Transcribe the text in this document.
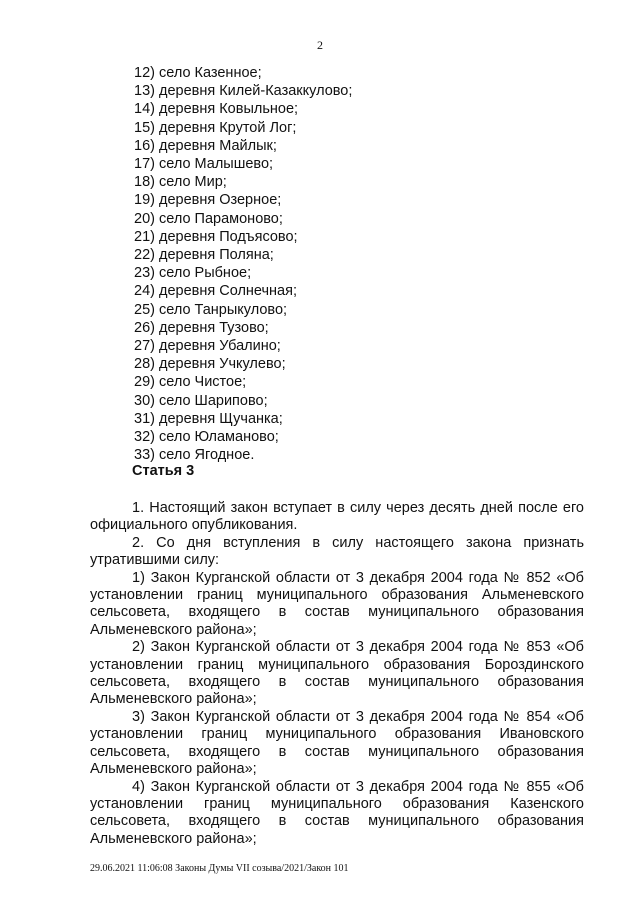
2
12) село Казенное;
13) деревня Килей-Казаккулово;
14) деревня Ковыльное;
15) деревня Крутой Лог;
16) деревня Майлык;
17) село Малышево;
18) село Мир;
19) деревня Озерное;
20) село Парамоново;
21) деревня Подъясово;
22) деревня Поляна;
23) село Рыбное;
24) деревня Солнечная;
25) село Танрыкулово;
26) деревня Тузово;
27) деревня Убалино;
28) деревня Учкулево;
29) село Чистое;
30) село Шарипово;
31) деревня Щучанка;
32) село Юламаново;
33) село Ягодное.
Статья 3

1. Настоящий закон вступает в силу через десять дней после его официального опубликования.

2. Со дня вступления в силу настоящего закона признать утратившими силу:

1) Закон Курганской области от 3 декабря 2004 года № 852 «Об установлении границ муниципального образования Альменевского сельсовета, входящего в состав муниципального образования Альменевского района»;

2) Закон Курганской области от 3 декабря 2004 года № 853 «Об установлении границ муниципального образования Бороздинского сельсовета, входящего в состав муниципального образования Альменевского района»;

3) Закон Курганской области от 3 декабря 2004 года № 854 «Об установлении границ муниципального образования Ивановского сельсовета, входящего в состав муниципального образования Альменевского района»;

4) Закон Курганской области от 3 декабря 2004 года № 855 «Об установлении границ муниципального образования Казенского сельсовета, входящего в состав муниципального образования Альменевского района»;

29.06.2021 11:06:08 Законы Думы VII созыва/2021/Закон 101
